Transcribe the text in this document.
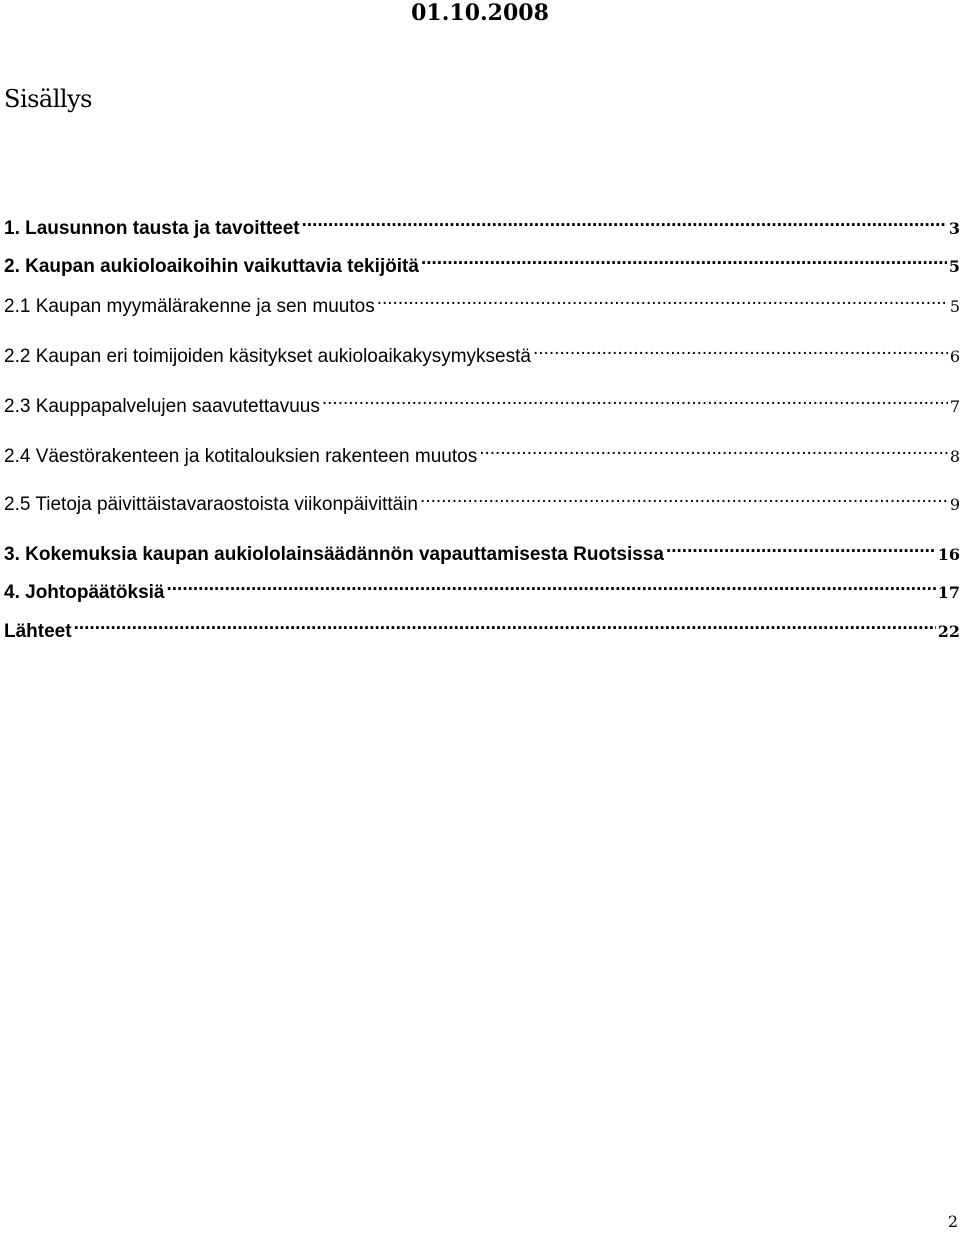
01.10.2008
Sisällys
1. Lausunnon tausta ja tavoitteet .....	3
2. Kaupan aukioloaikoihin vaikuttavia tekijöitä .....	5
2.1 Kaupan myymälärakenne ja sen muutos .....	5
2.2 Kaupan eri toimijoiden käsitykset aukioloaikakysymyksestä .....	6
2.3 Kauppapalvelujen saavutettavuus .....	7
2.4 Väestörakenteen ja kotitalouksien rakenteen muutos .....	8
2.5 Tietoja päivittäistavaraostoista viikonpäivittäin .....	9
3. Kokemuksia kaupan aukiololainsäädännön vapauttamisesta Ruotsissa .....	16
4. Johtopäätöksiä .....	17
Lähteet .....	22
2
